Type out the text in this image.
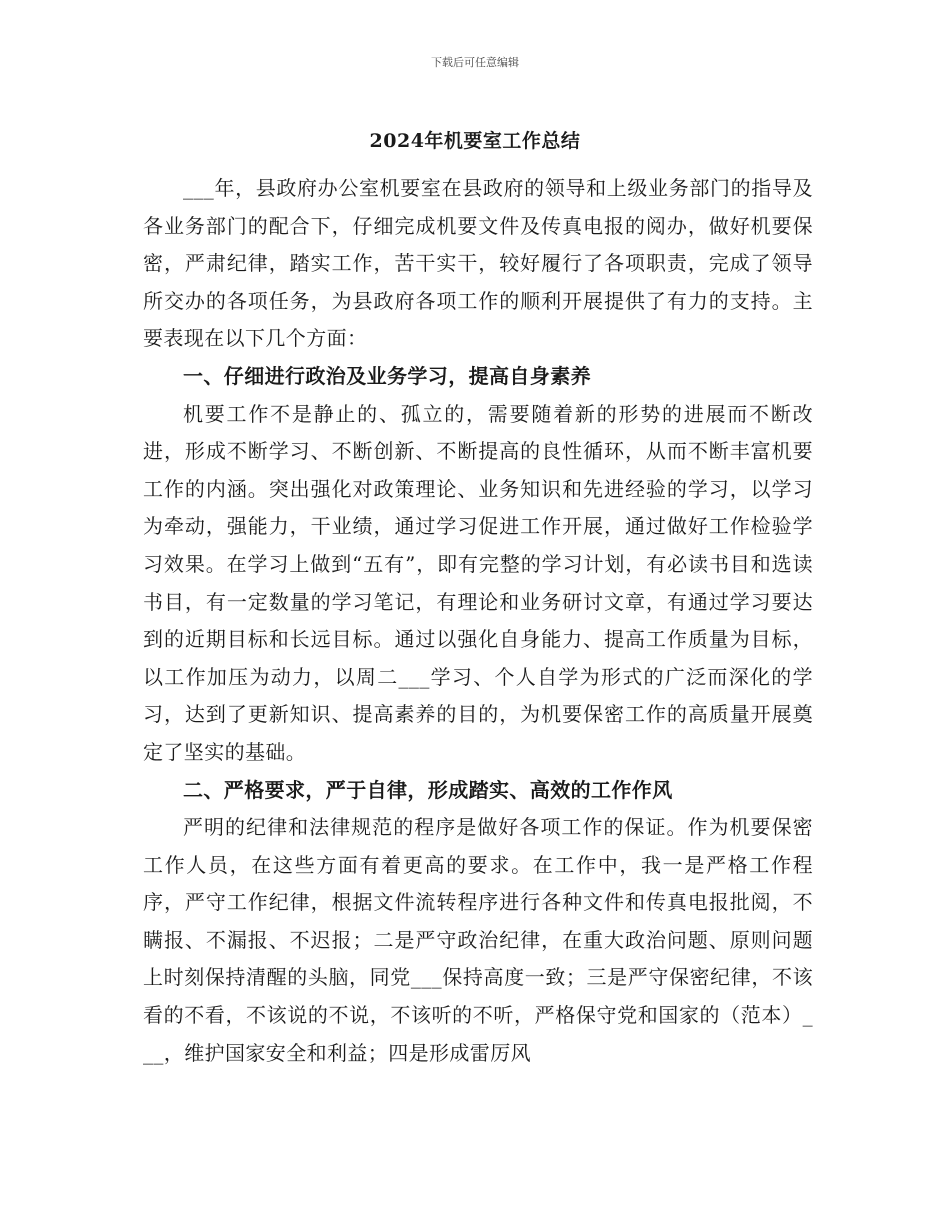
下载后可任意编辑
2024年机要室工作总结

___年，县政府办公室机要室在县政府的领导和上级业务部门的指导及各业务部门的配合下，仔细完成机要文件及传真电报的阅办，做好机要保密，严肃纪律，踏实工作，苦干实干，较好履行了各项职责，完成了领导所交办的各项任务，为县政府各项工作的顺利开展提供了有力的支持。主要表现在以下几个方面：

一、仔细进行政治及业务学习，提高自身素养

机要工作不是静止的、孤立的，需要随着新的形势的进展而不断改进，形成不断学习、不断创新、不断提高的良性循环，从而不断丰富机要工作的内涵。突出强化对政策理论、业务知识和先进经验的学习，以学习为牵动，强能力，干业绩，通过学习促进工作开展，通过做好工作检验学习效果。在学习上做到“五有”，即有完整的学习计划，有必读书目和选读书目，有一定数量的学习笔记，有理论和业务研讨文章，有通过学习要达到的近期目标和长远目标。通过以强化自身能力、提高工作质量为目标，以工作加压为动力，以周二___学习、个人自学为形式的广泛而深化的学习，达到了更新知识、提高素养的目的，为机要保密工作的高质量开展奠定了坚实的基础。

二、严格要求，严于自律，形成踏实、高效的工作作风

严明的纪律和法律规范的程序是做好各项工作的保证。作为机要保密工作人员，在这些方面有着更高的要求。在工作中，我一是严格工作程序，严守工作纪律，根据文件流转程序进行各种文件和传真电报批阅，不瞒报、不漏报、不迟报；二是严守政治纪律，在重大政治问题、原则问题上时刻保持清醒的头脑，同党___保持高度一致；三是严守保密纪律，不该看的不看，不该说的不说，不该听的不听，严格保守党和国家的（范本）___，维护国家安全和利益；四是形成雷厉风
